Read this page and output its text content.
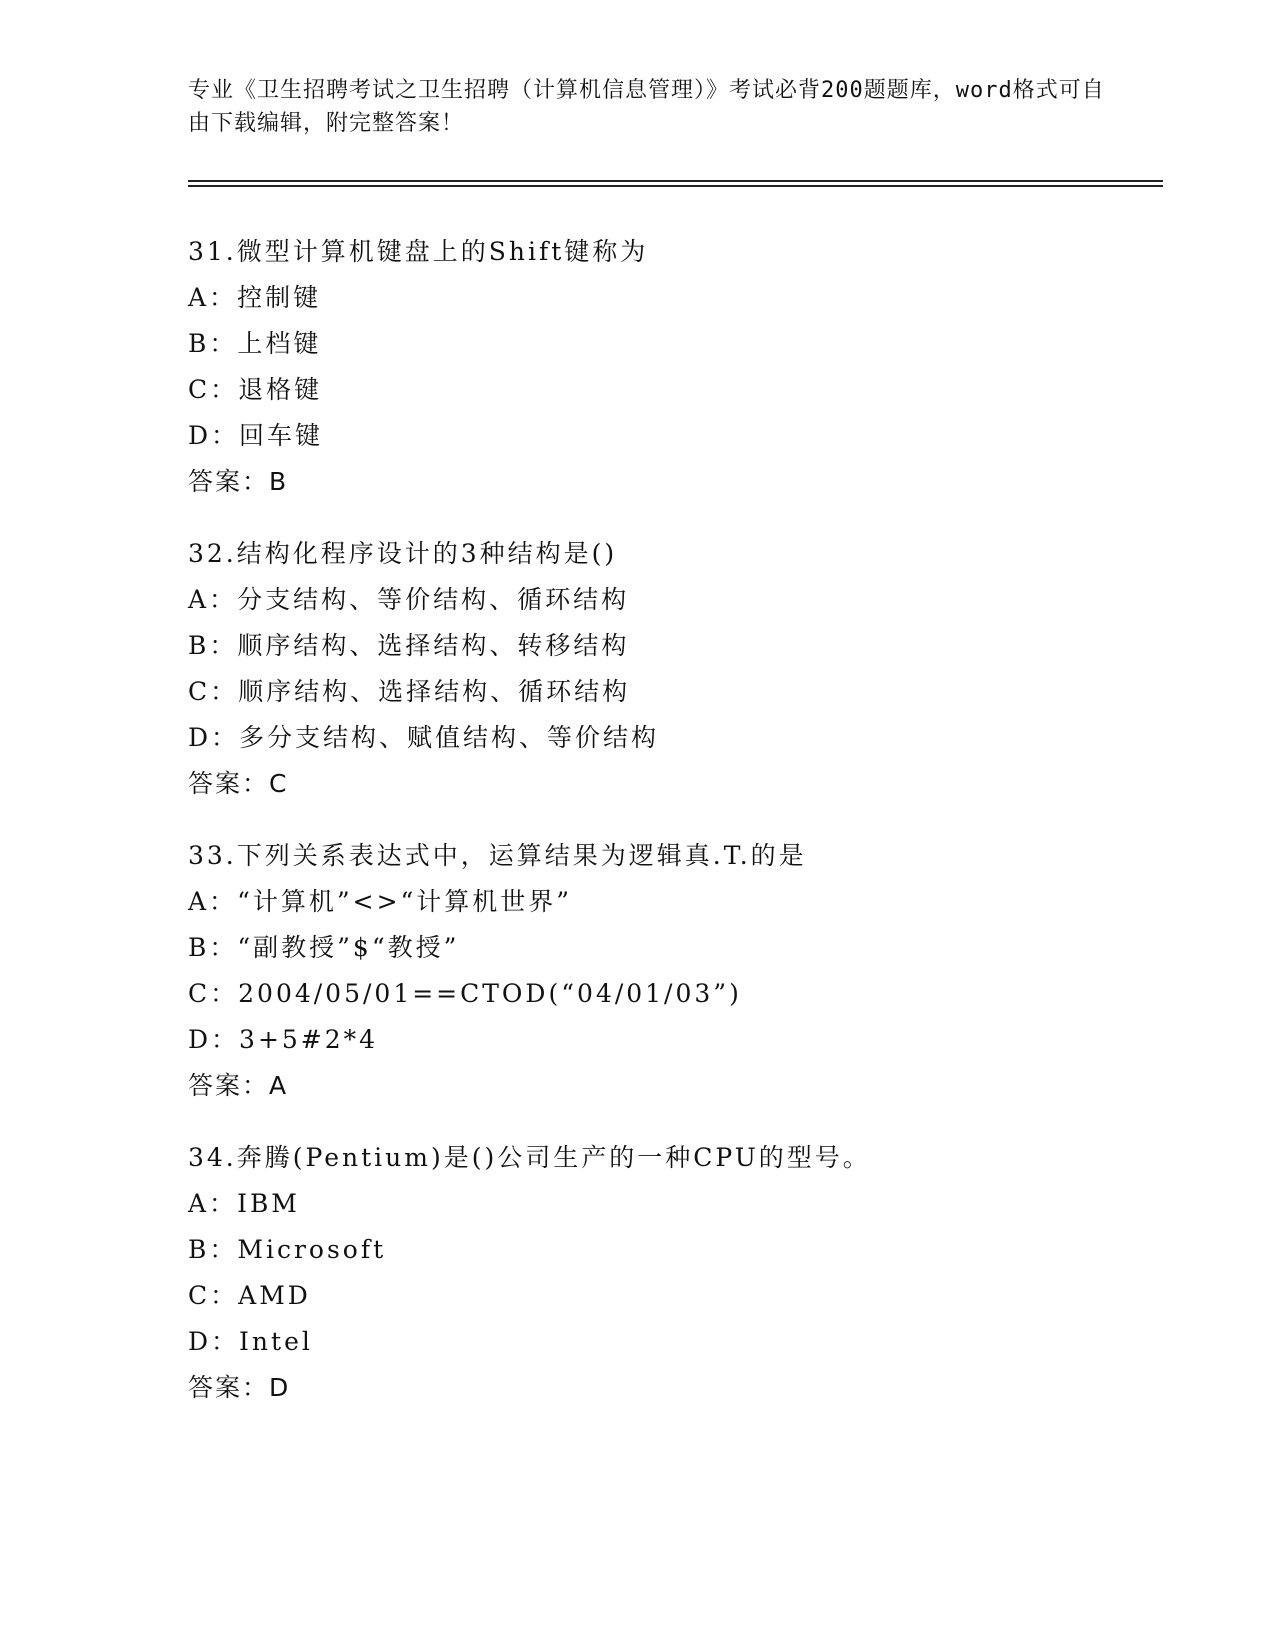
专业《卫生招聘考试之卫生招聘（计算机信息管理）》考试必背200题题库，word格式可自由下载编辑，附完整答案！
31.微型计算机键盘上的Shift键称为
A：控制键
B：上档键
C：退格键
D：回车键
答案：B
32.结构化程序设计的3种结构是()
A：分支结构、等价结构、循环结构
B：顺序结构、选择结构、转移结构
C：顺序结构、选择结构、循环结构
D：多分支结构、赋值结构、等价结构
答案：C
33.下列关系表达式中，运算结果为逻辑真.T.的是
A：“计算机”<>“计算机世界”
B：“副教授”$“教授”
C：2004/05/01==CTOD(“04/01/03”)
D：3+5#2*4
答案：A
34.奔腾(Pentium)是()公司生产的一种CPU的型号。
A：IBM
B：Microsoft
C：AMD
D：Intel
答案：D
